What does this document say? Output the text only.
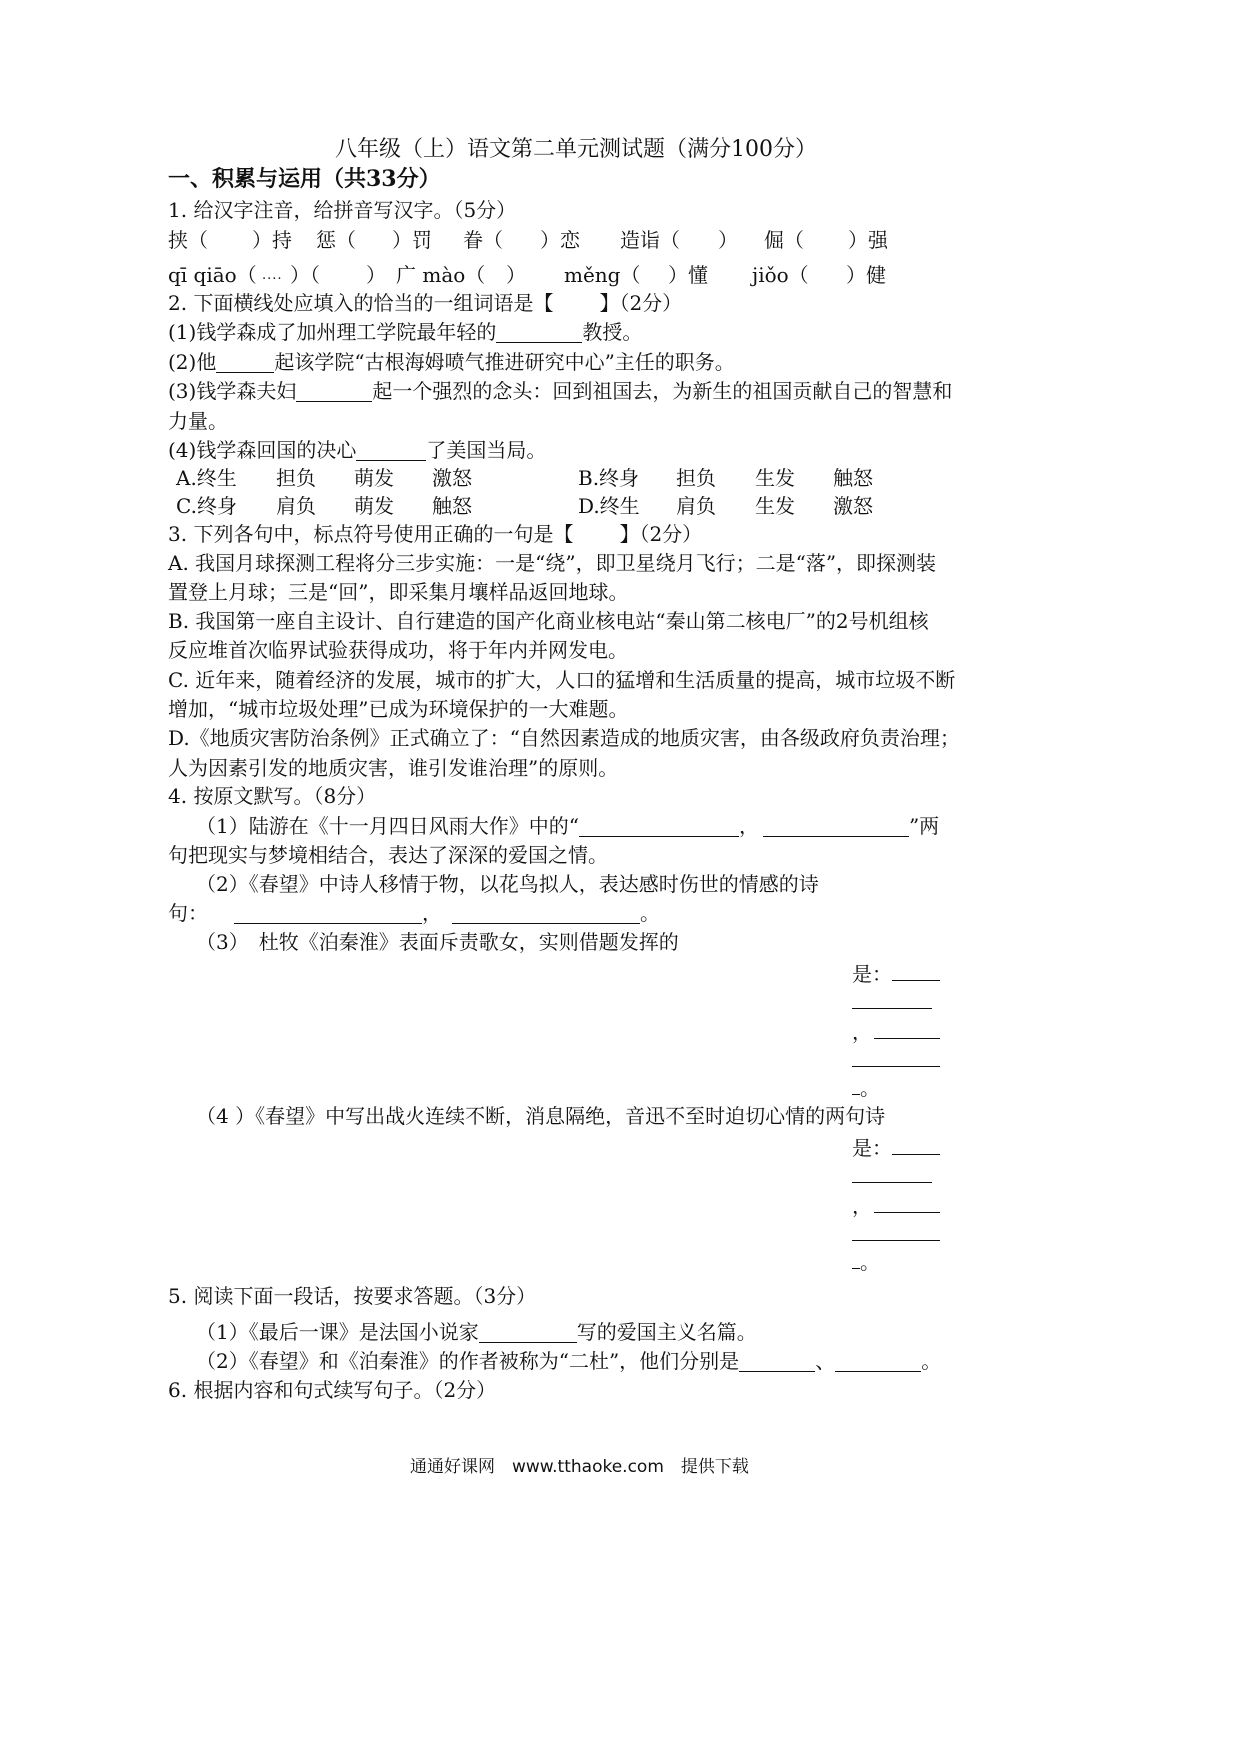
八年级（上）语文第二单元测试题（满分100分）
一、积累与运用（共33分）
1. 给汉字注音，给拼音写汉字。（5分）
挟（ ）持 惩（ ）罚 眷（ ）恋 造诣（ ） 倔（ ）强
qī qiāo（ .... ）（ ） 广 mào（ ） měng（ ）懂 jiǒo（ ）健
2. 下面横线处应填入的恰当的一组词语是【 】（2分）
(1)钱学森成了加州理工学院最年轻的	教授。
(2)他	起该学院“古根海姆喷气推进研究中心”主任的职务。
(3)钱学森夫妇	起一个强烈的念头：回到祖国去，为新生的祖国贡献自己的智慧和
力量。
(4)钱学森回国的决心	了美国当局。
A.终生 担负 萌发 激怒	B.终身 担负 生发 触怒
C.终身 肩负 萌发 触怒	D.终生 肩负 生发 激怒
3. 下列各句中，标点符号使用正确的一句是【 】（2分）
A. 我国月球探测工程将分三步实施：一是“绕”，即卫星绕月飞行；二是“落”，即探测装
置登上月球；三是“回”，即采集月壤样品返回地球。
B. 我国第一座自主设计、自行建造的国产化商业核电站“秦山第二核电厂”的2号机组核
反应堆首次临界试验获得成功，将于年内并网发电。
C. 近年来，随着经济的发展，城市的扩大，人口的猛增和生活质量的提高，城市垃圾不断
增加，“城市垃圾处理”已成为环境保护的一大难题。
D.《地质灾害防治条例》正式确立了：“自然因素造成的地质灾害，由各级政府负责治理；
人为因素引发的地质灾害，谁引发谁治理”的原则。
4. 按原文默写。（8分）
（1）陆游在《十一月四日风雨大作》中的“	，	”两
句把现实与梦境相结合，表达了深深的爱国之情。
（2）《春望》中诗人移情于物，以花鸟拟人，表达感时伤世的情感的诗
句：	，	。
（3）　杜牧《泊秦淮》表面斥责歌女，实则借题发挥的
是：
，
。
（4 ）《春望》中写出战火连续不断，消息隔绝，音迅不至时迫切心情的两句诗
是：
，
。
5. 阅读下面一段话，按要求答题。（3分）
（1）《最后一课》是法国小说家	写的爱国主义名篇。
（2）《春望》和《泊秦淮》的作者被称为“二杜”，他们分别是	、	。
6. 根据内容和句式续写句子。（2分）
通通好课网　www.tthaoke.com　提供下载
